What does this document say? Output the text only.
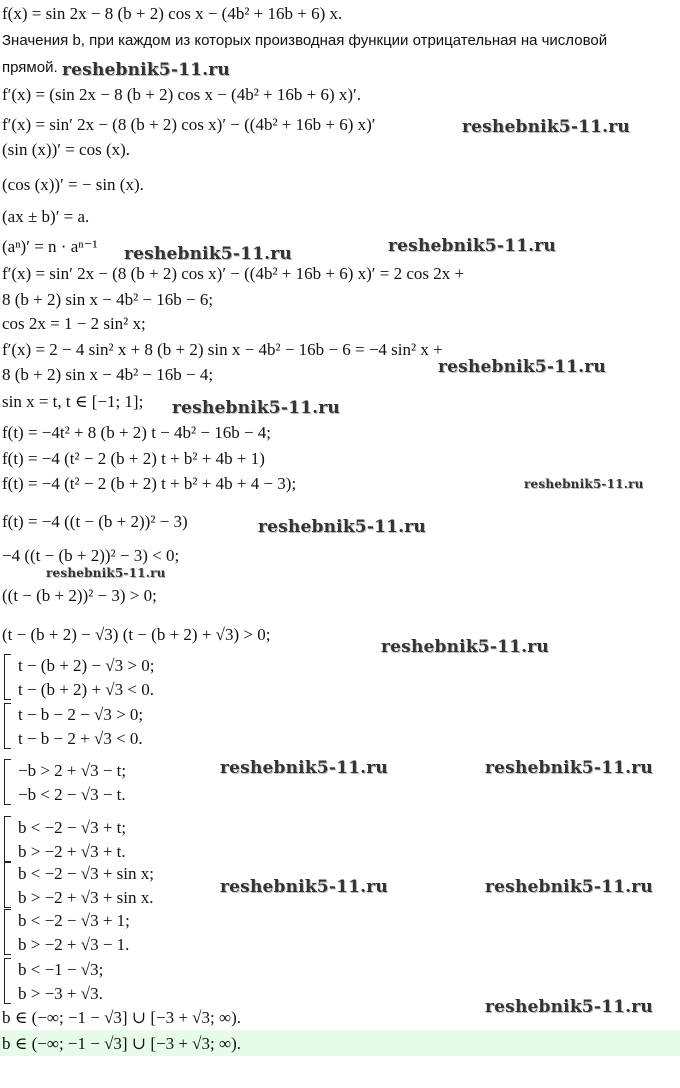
f(x) = sin 2x − 8 (b + 2) cos x − (4b² + 16b + 6) x.
Значения b, при каждом из которых производная функции отрицательная на числовой
прямой.
f′(x) = (sin 2x − 8 (b + 2) cos x − (4b² + 16b + 6) x)′.
f′(x) = sin′ 2x − (8 (b + 2) cos x)′ − ((4b² + 16b + 6) x)′
(sin (x))′ = cos (x).
(cos (x))′ = − sin (x).
(ax ± b)′ = a.
(aⁿ)′ = n · aⁿ⁻¹
f′(x) = sin′ 2x − (8 (b + 2) cos x)′ − ((4b² + 16b + 6) x)′ = 2 cos 2x +
8 (b + 2) sin x − 4b² − 16b − 6;
cos 2x = 1 − 2 sin² x;
f′(x) = 2 − 4 sin² x + 8 (b + 2) sin x − 4b² − 16b − 6 = −4 sin² x +
8 (b + 2) sin x − 4b² − 16b − 4;
sin x = t, t ∈ [−1; 1];
f(t) = −4t² + 8 (b + 2) t − 4b² − 16b − 4;
f(t) = −4 (t² − 2 (b + 2) t + b² + 4b + 1)
f(t) = −4 (t² − 2 (b + 2) t + b² + 4b + 4 − 3);
f(t) = −4 ((t − (b + 2))² − 3)
−4 ((t − (b + 2))² − 3) < 0;
((t − (b + 2))² − 3) > 0;
(t − (b + 2) − √3) (t − (b + 2) + √3) > 0;
t − (b + 2) − √3 > 0;
t − (b + 2) + √3 < 0.
t − b − 2 − √3 > 0;
t − b − 2 + √3 < 0.
−b > 2 + √3 − t;
−b < 2 − √3 − t.
b < −2 − √3 + t;
b > −2 + √3 + t.
b < −2 − √3 + sin x;
b > −2 + √3 + sin x.
b < −2 − √3 + 1;
b > −2 + √3 − 1.
b < −1 − √3;
b > −3 + √3.
b ∈ (−∞; −1 − √3] ∪ [−3 + √3; ∞).
b ∈ (−∞; −1 − √3] ∪ [−3 + √3; ∞).
reshebnik5-11.ru
reshebnik5-11.ru
reshebnik5-11.ru	reshebnik5-11.ru
reshebnik5-11.ru
reshebnik5-11.ru
reshebnik5-11.ru
reshebnik5-11.ru
reshebnik5-11.ru
reshebnik5-11.ru
reshebnik5-11.ru	reshebnik5-11.ru
reshebnik5-11.ru	reshebnik5-11.ru
reshebnik5-11.ru
